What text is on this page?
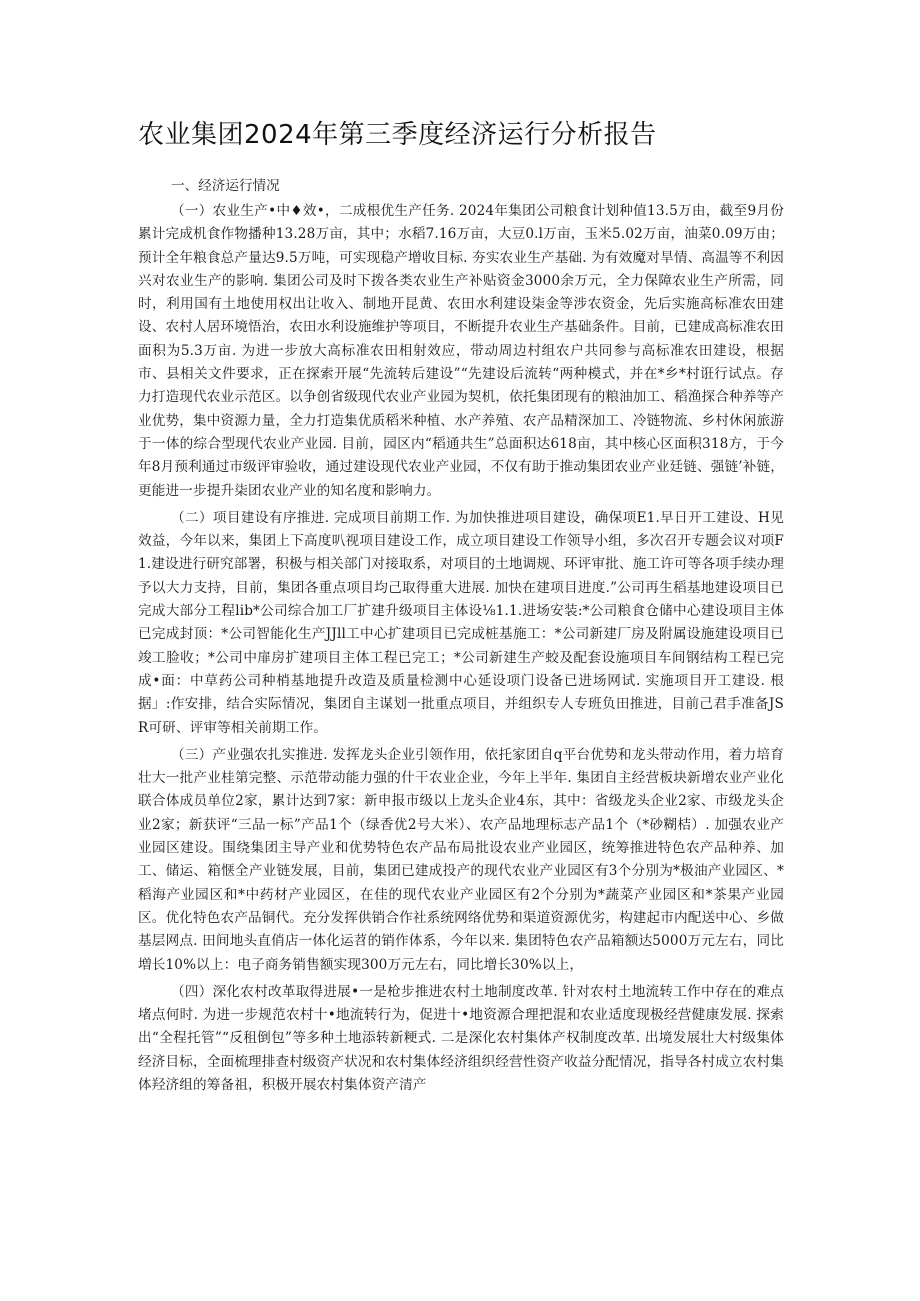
农业集团2024年第三季度经济运行分析报告

一、经济运行情况

（一）农业生产•中♦效•，二成根优生产任务. 2024年集团公司粮食计划种值13.5万由，截至9月份累计完成机食作物播种13.28万亩，其中；水稻7.16万亩，大豆0.l万亩，玉米5.02万亩，油菜0.09万由；预计全年粮食总产量达9.5万吨，可实现稳产增收目标. 夯实农业生产基础. 为有效魔对旱情、高温等不利因兴对农业生产的影响. 集团公司及时下拨各类农业生产补贴资金3000余万元，全力保障农业生产所需，同时，利用国有土地使用权出让收入、制地开昆黄、农田水利建设柒金等涉农资金，先后实施高标准农田建设、农村人居环境悟治，农田水利设施维护等项目，不断提升农业生产基础条件。目前，已建成高标准农田面积为5.3万亩. 为进一步放大高标准农田相射效应，带动周边村组农户共同参与高标准农田建设，根据市、县相关文件要求，正在探索开展“先流转后建设”“先建设后流转“两种模式，并在*乡*村诳行试点。存力打造现代农业示范区。以争创省级现代农业产业园为契机，依托集团现有的粮油加工、稻渔探合种养等产业优势，集中资源力量，全力打造集优质稻米种植、水产养殖、农产品精深加工、冷链物流、乡村休闲旅游于一体的综合型现代农业产业园. 目前，园区内“稻通共生”总面积达618亩，其中核心区面积318方，于今年8月预利通过市级评审验收，通过建设现代农业产业园，不仅有助于推动集团农业产业廷链、强链’补链，更能进一步提升柒团农业产业的知名度和影响力。

（二）项目建设有序推进. 完成项目前期工作. 为加快推进项目建设，确保项E1.早日开工建设、H见效益，今年以来，集团上下高度叭视项目建设工作，成立项目建设工作领导小组，多次召开专题会议对项F1.建设进行研究部署，积极与相关部门对接取系，对项目的土地调规、环评审批、施工许可等各项手续办理予以大力支持，目前，集团各重点项目均己取得重大进展. 加快在建项目进度.”公司再生稻基地建设项目已完成大部分工程lib*公司综合加工厂扩建升级项目主体设⅛1.1.进场安装:*公司粮食仓储中心建设项目主体已完成封顶：*公司智能化生产JJll工中心扩建项目已完成桩基施工：*公司新建厂房及附属设施建设项目已竣工脸收；*公司中扉房扩建项目主体工程已完工；*公司新建生产蛟及配套设施项目车间钢结构工程已完成•面：中草药公司种梢基地提升改造及质量检测中心延设项门设备已进场网试. 实施项目开工建设. 根据」:作安排，结合实际情况，集团自主谋划一批重点项目，并组织专人专班负田推进，目前己君手准备JSR可研、评审等相关前期工作。

（三）产业强农扎实推进. 发挥龙头企业引领作用，依托家团自q平台优势和龙头带动作用，着力培育壮大一批产业桂第完整、示范带动能力强的什干农业企业，今年上半年. 集团自主经营板块新增农业产业化联合体成员单位2家，累计达到7家：新申报市级以上龙头企业4东，其中：省级龙头企业2家、市级龙头企业2家；新获评“三品一标”产品1个（绿香优2号大米）、农产品地理标志产品1个（*砂糊桔）. 加强农业产业园区建设。围绕集团主导产业和优势特色农产品布局批设农业产业园区，统筹推进特色农产品种养、加工、储运、箱惬全产业链发展，目前，集团已建成投产的现代农业产业园区有3个分別为*极油产业园区、*稻海产业园区和*中药材产业园区，在佳的现代农业产业园区有2个分别为*蔬菜产业园区和*茶果产业园区。优化特色农产品铜代。充分发挥供销合作社系统网络优势和渠道资源优劣，构建起市内配送中心、乡做基层网点. 田间地头直俏店一体化运苕的销作体系，今年以来. 集团特色农产品箱额达5000万元左右，同比増长10%以上：电子商务销售额实现300万元左右，同比增长30%以上，

（四）深化农村改革取得进展•一是枪步推进农村土地制度改革. 针对农村土地流转工作中存在的难点堵点何时. 为进一步规范农村十•地流转行为，促进十•地资源合理把混和农业适度现极经营健康发展. 探索出“全程托管”“反租倒包”等多种土地添转新粳式. 二是深化农村集体产权制度改革. 出境发展壮大村级集体经济目标，全面梳理排查村级资产状况和农村集体经济组织经营性资产收益分配情况，指导各村成立农村集体羟济组的筹备祖，积极开展农村集体资产清产
